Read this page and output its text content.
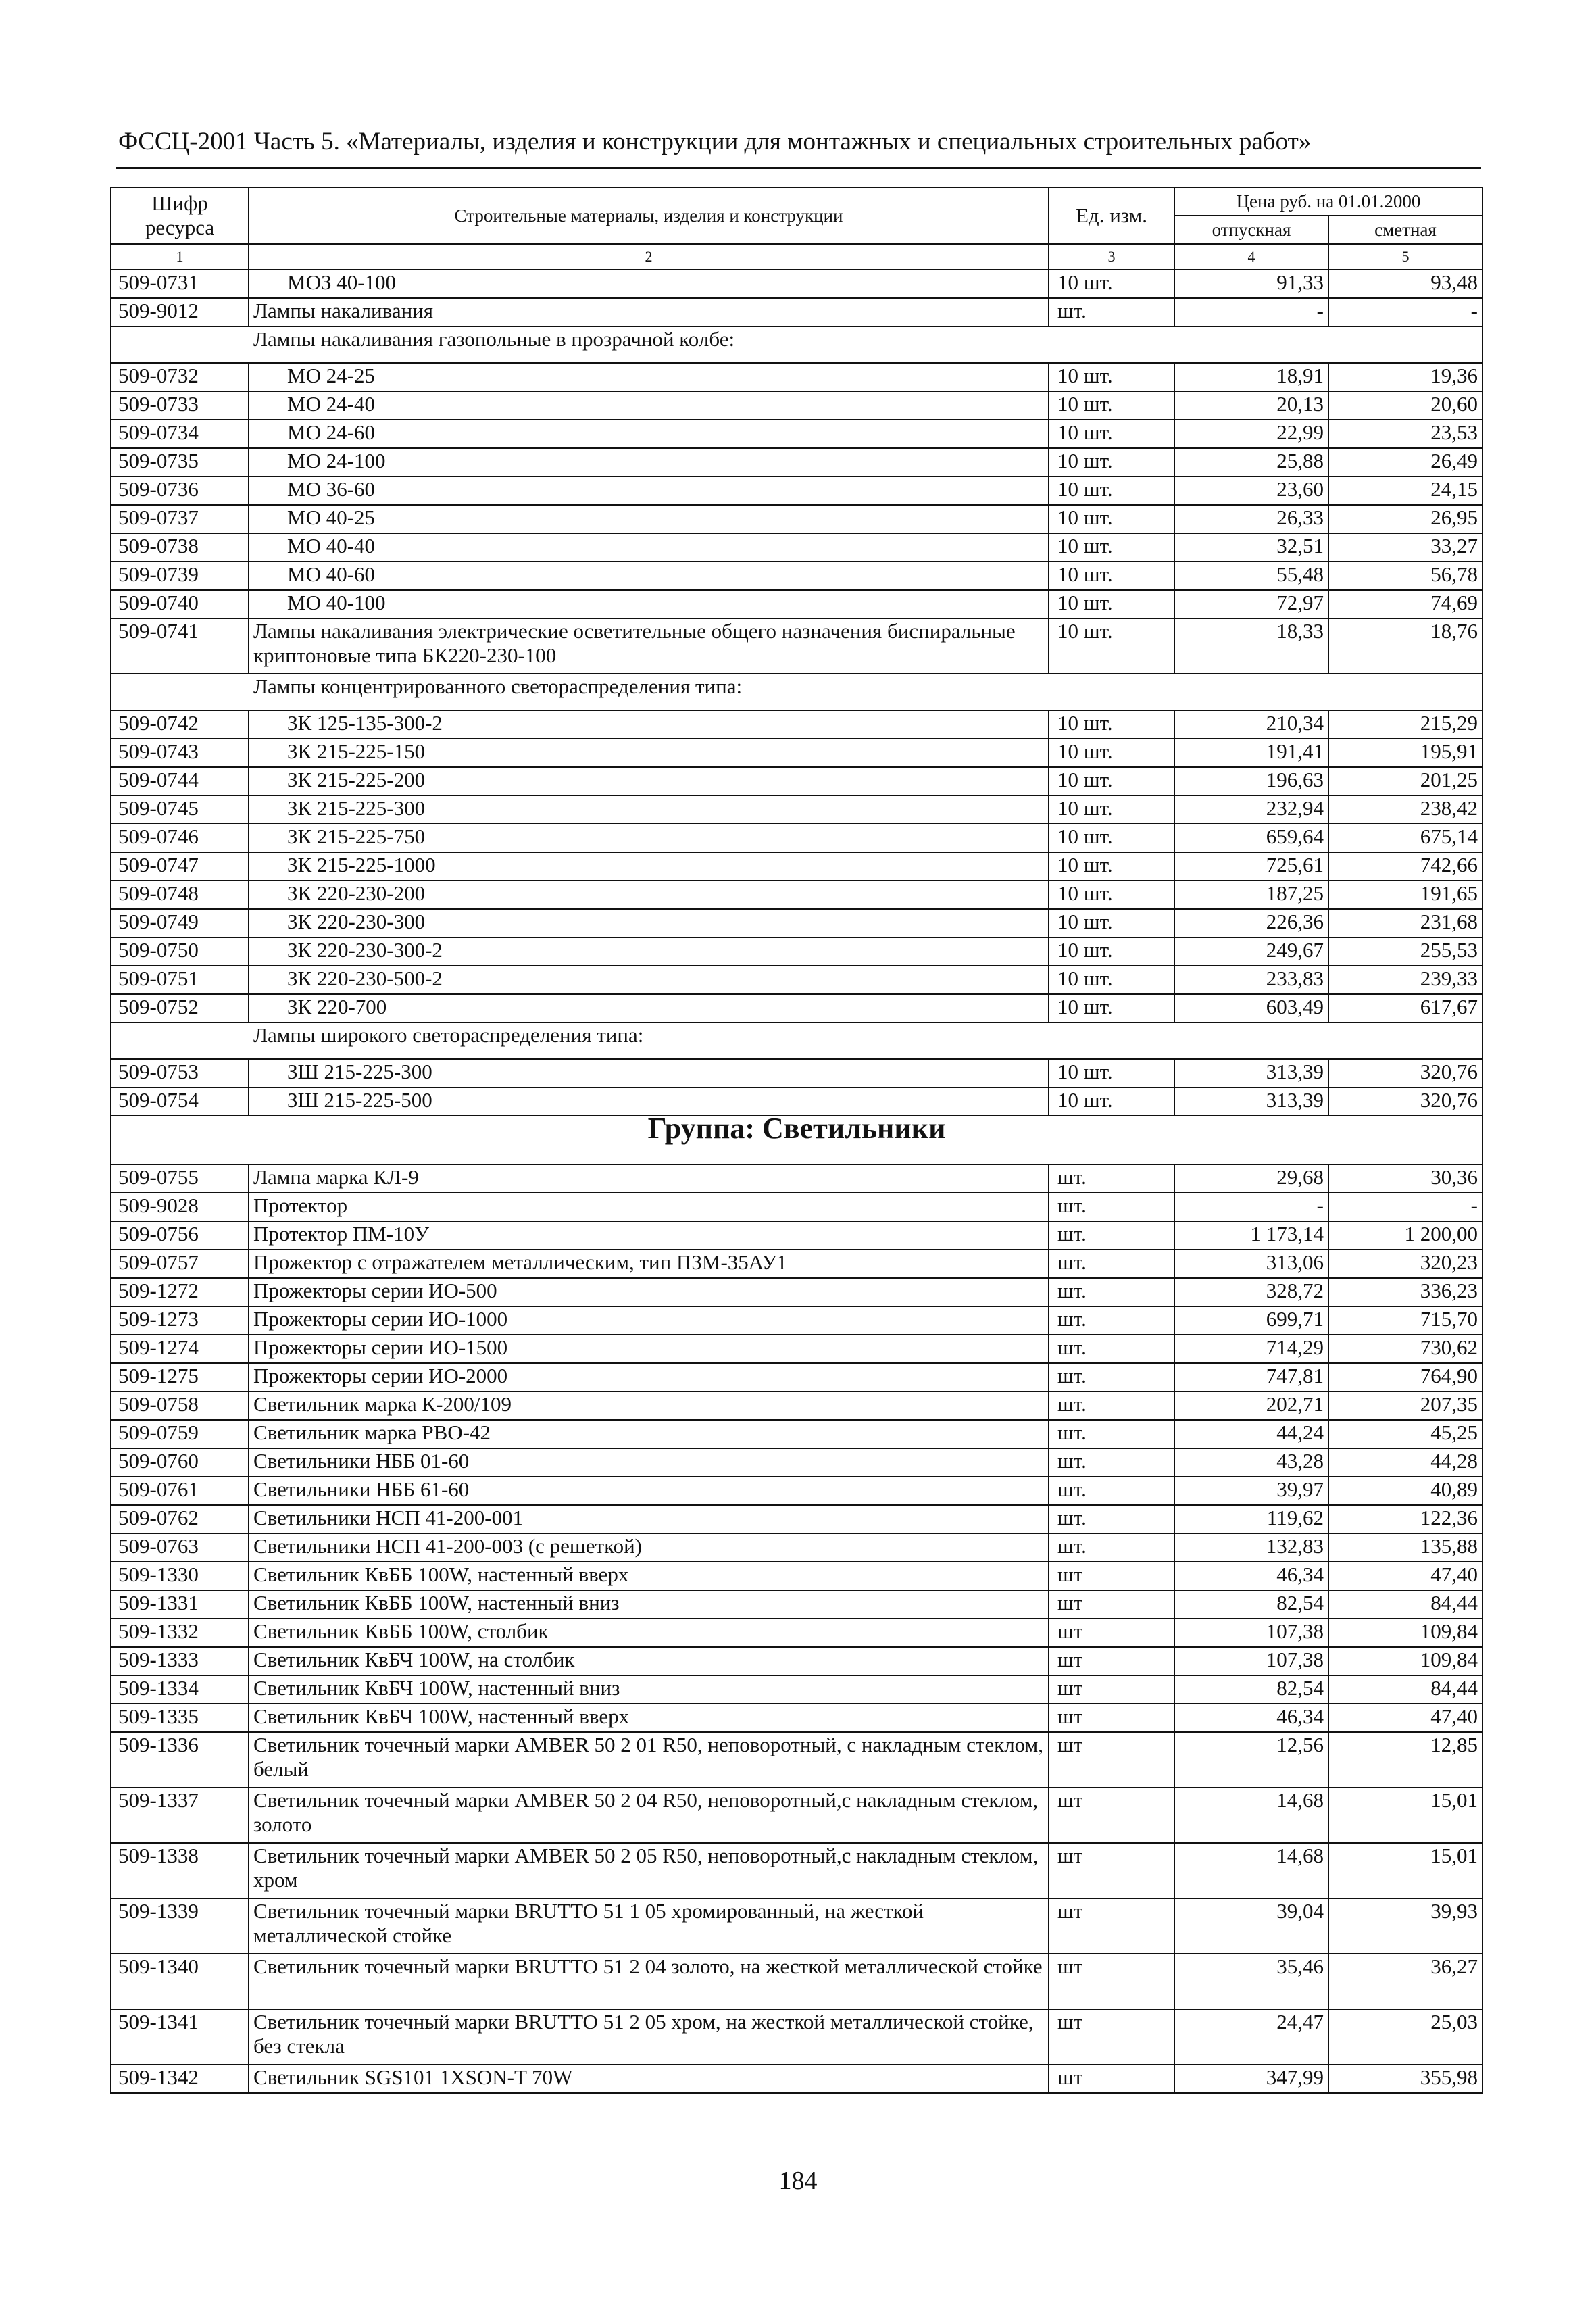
ФССЦ-2001 Часть 5. «Материалы, изделия и конструкции для монтажных и специальных строительных работ»
Шифр ресурса	Строительные материалы, изделия и конструкции	Ед. изм.	Цена руб. на 01.01.2000	
			отпускная	сметная
1	2	3	4	5
509-0731	МОЗ 40-100	10 шт.	91,33	93,48
509-9012	Лампы накаливания	шт.	-	-
Лампы накаливания газопольные в прозрачной колбе:				
509-0732	МО 24-25	10 шт.	18,91	19,36
509-0733	МО 24-40	10 шт.	20,13	20,60
509-0734	МО 24-60	10 шт.	22,99	23,53
509-0735	МО 24-100	10 шт.	25,88	26,49
509-0736	МО 36-60	10 шт.	23,60	24,15
509-0737	МО 40-25	10 шт.	26,33	26,95
509-0738	МО 40-40	10 шт.	32,51	33,27
509-0739	МО 40-60	10 шт.	55,48	56,78
509-0740	МО 40-100	10 шт.	72,97	74,69
509-0741	Лампы накаливания электрические осветительные общего назначения биспиральные криптоновые типа БК220-230-100	10 шт.	18,33	18,76
Лампы концентрированного светораспределения типа:				
509-0742	ЗК 125-135-300-2	10 шт.	210,34	215,29
509-0743	ЗК 215-225-150	10 шт.	191,41	195,91
509-0744	ЗК 215-225-200	10 шт.	196,63	201,25
509-0745	ЗК 215-225-300	10 шт.	232,94	238,42
509-0746	ЗК 215-225-750	10 шт.	659,64	675,14
509-0747	ЗК 215-225-1000	10 шт.	725,61	742,66
509-0748	ЗК 220-230-200	10 шт.	187,25	191,65
509-0749	ЗК 220-230-300	10 шт.	226,36	231,68
509-0750	ЗК 220-230-300-2	10 шт.	249,67	255,53
509-0751	ЗК 220-230-500-2	10 шт.	233,83	239,33
509-0752	ЗК 220-700	10 шт.	603,49	617,67
Лампы широкого светораспределения типа:				
509-0753	ЗШ 215-225-300	10 шт.	313,39	320,76
509-0754	ЗШ 215-225-500	10 шт.	313,39	320,76
Группа: Светильники				
509-0755	Лампа марка КЛ-9	шт.	29,68	30,36
509-9028	Протектор	шт.	-	-
509-0756	Протектор ПМ-10У	шт.	1 173,14	1 200,00
509-0757	Прожектор с отражателем металлическим, тип ПЗМ-35АУ1	шт.	313,06	320,23
509-1272	Прожекторы серии ИО-500	шт.	328,72	336,23
509-1273	Прожекторы серии ИО-1000	шт.	699,71	715,70
509-1274	Прожекторы серии ИО-1500	шт.	714,29	730,62
509-1275	Прожекторы серии ИО-2000	шт.	747,81	764,90
509-0758	Светильник марка К-200/109	шт.	202,71	207,35
509-0759	Светильник марка РВО-42	шт.	44,24	45,25
509-0760	Светильники НББ 01-60	шт.	43,28	44,28
509-0761	Светильники НББ 61-60	шт.	39,97	40,89
509-0762	Светильники НСП 41-200-001	шт.	119,62	122,36
509-0763	Светильники НСП 41-200-003 (с решеткой)	шт.	132,83	135,88
509-1330	Светильник КвББ 100W, настенный вверх	шт	46,34	47,40
509-1331	Светильник КвББ 100W, настенный вниз	шт	82,54	84,44
509-1332	Светильник КвББ 100W, столбик	шт	107,38	109,84
509-1333	Светильник КвБЧ 100W, на столбик	шт	107,38	109,84
509-1334	Светильник КвБЧ 100W, настенный вниз	шт	82,54	84,44
509-1335	Светильник КвБЧ 100W, настенный вверх	шт	46,34	47,40
509-1336	Светильник точечный марки AMBER 50 2 01 R50, неповоротный, с накладным стеклом, белый	шт	12,56	12,85
509-1337	Светильник точечный марки AMBER 50 2 04 R50, неповоротный,с накладным стеклом, золото	шт	14,68	15,01
509-1338	Светильник точечный марки AMBER 50 2 05 R50, неповоротный,с накладным стеклом, хром	шт	14,68	15,01
509-1339	Светильник точечный марки BRUTTO 51 1 05 хромированный, на жесткой металлической стойке	шт	39,04	39,93
509-1340	Светильник точечный марки BRUTTO 51 2 04 золото, на жесткой металлической стойке	шт	35,46	36,27
509-1341	Светильник точечный марки BRUTTO 51 2 05 хром, на жесткой металлической стойке, без стекла	шт	24,47	25,03
509-1342	Светильник SGS101 1XSON-T 70W	шт	347,99	355,98
184
